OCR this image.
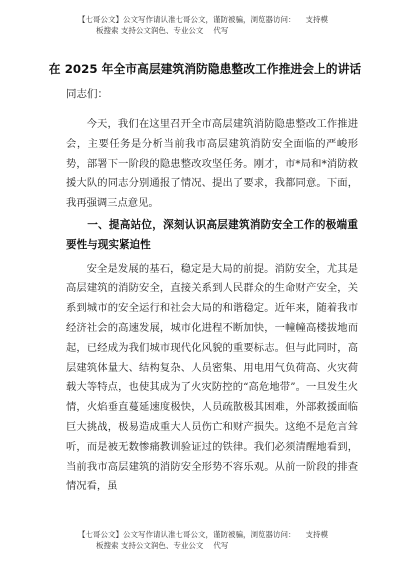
【七哥公文】公文写作请认准七哥公文，谨防被骗，浏览器访问： 支持模
板搜索 支持公文润色、专业公文 代写
在 2025 年全市高层建筑消防隐患整改工作推进会上的讲话
同志们：

今天，我们在这里召开全市高层建筑消防隐患整改工作推进会，主要任务是分析当前我市高层建筑消防安全面临的严峻形势，部署下一阶段的隐患整改攻坚任务。刚才，市*局和*消防救援大队的同志分别通报了情况、提出了要求，我都同意。下面，我再强调三点意见。

一、提高站位，深刻认识高层建筑消防安全工作的极端重要性与现实紧迫性

安全是发展的基石，稳定是大局的前提。消防安全，尤其是高层建筑的消防安全，直接关系到人民群众的生命财产安全，关系到城市的安全运行和社会大局的和谐稳定。近年来，随着我市经济社会的高速发展，城市化进程不断加快，一幢幢高楼拔地而起，已经成为我们城市现代化风貌的重要标志。但与此同时，高层建筑体量大、结构复杂、人员密集、用电用气负荷高、火灾荷载大等特点，也使其成为了火灾防控的“高危地带”。一旦发生火情，火焰垂直蔓延速度极快，人员疏散极其困难，外部救援面临巨大挑战，极易造成重大人员伤亡和财产损失。这绝不是危言耸听，而是被无数惨痛教训验证过的铁律。我们必须清醒地看到，当前我市高层建筑的消防安全形势不容乐观。从前一阶段的排查情况看，虽

【七哥公文】公文写作请认准七哥公文，谨防被骗，浏览器访问： 支持模
板搜索 支持公文润色、专业公文 代写
